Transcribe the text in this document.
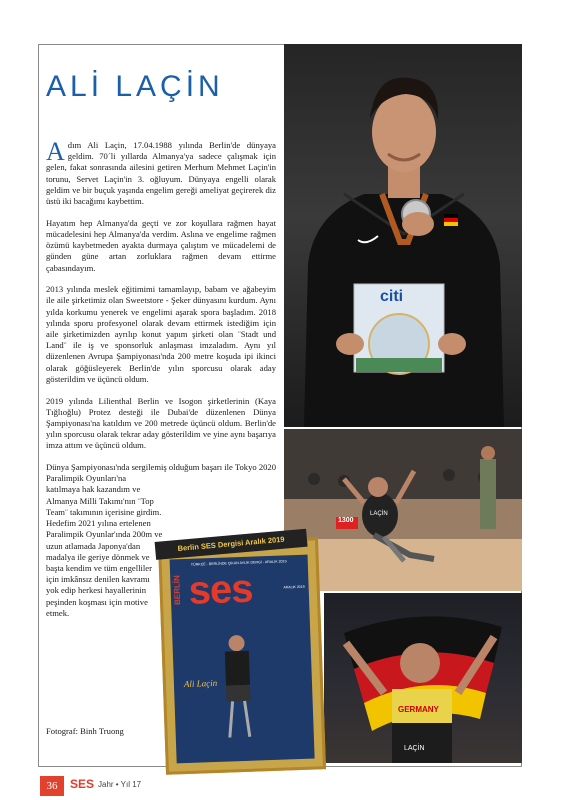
ALİ LAÇİN

Adım Ali Laçin, 17.04.1988 yılında Berlin'de dünyaya geldim. 70´li yıllarda Almanya'ya sadece çalışmak için gelen, fakat sonrasında ailesini getiren Merhum Mehmet Laçin'in torunu, Servet Laçin'in 3. oğluyum. Dünyaya engelli olarak geldim ve bir buçuk yaşında engelim gereği ameliyat geçirerek diz üstü iki bacağımı kaybettim.

Hayatım hep Almanya'da geçti ve zor koşullara rağmen hayat mücadelesini hep Almanya'da verdim. Aslına ve engelime rağmen özümü kaybetmeden ayakta durmaya çalıştım ve mücadelemi de günden güne artan zorluklara rağmen devam ettirme çabasındayım.

2013 yılında meslek eğitimimi tamamlayıp, babam ve ağabeyim ile aile şirketimiz olan Sweetstore - Şeker dünyasını kurdum. Aynı yılda korkumu yenerek ve engelimi aşarak spora başladım. 2018 yılında sporu profesyonel olarak devam ettirmek istediğim için aile şirketimizden ayrılıp konut yapım şirketi olan ¨Stadt und Land¨ ile iş ve sponsorluk anlaşması imzaladım. Aynı yıl düzenlenen Avrupa Şampiyonası'nda 200 metre koşuda ipi ikinci olarak göğüsleyerek Berlin'de yılın sporcusu olarak aday gösterildim ve üçüncü oldum.

2019 yılında Lilienthal Berlin ve Isogon şirketlerinin (Kaya Tığlıoğlu) Protez desteği ile Dubai'de düzenlenen Dünya Şampiyonası'na katıldım ve 200 metrede üçüncü oldum. Berlin'de yılın sporcusu olarak tekrar aday gösterildim ve yine aynı başarıya imza attım ve üçüncü oldum.

Dünya Şampiyonası'nda sergilemiş olduğum başarı ile Tokyo 2020 Paralimpik Oyunları'na

katılmaya hak kazandım ve Almanya Milli Takımı'nın ¨Top Team¨ takımının içerisine girdim. Hedefim 2021 yılına ertelenen Paralimpik Oyunlar'ında 200m ve uzun atlamada Japonya'dan madalya ile geriye dönmek ve başta kendim ve tüm engelliler için imkânsız denilen kavramı yok edip herkesi hayallerinin peşinden koşması için motive etmek.

Fotograf: Binh Truong
citi
1300
LAÇİN
GERMANY
LAÇİN
TÜRKÇE - BERLİNDE ÇIKAN AYLIK DERGİ - ARALIK 2019
BERLİN ses	ARALIK 2019
Ali Laçin
Berlin SES Dergisi Aralık 2019
36	SES Jahr • Yıl 17
